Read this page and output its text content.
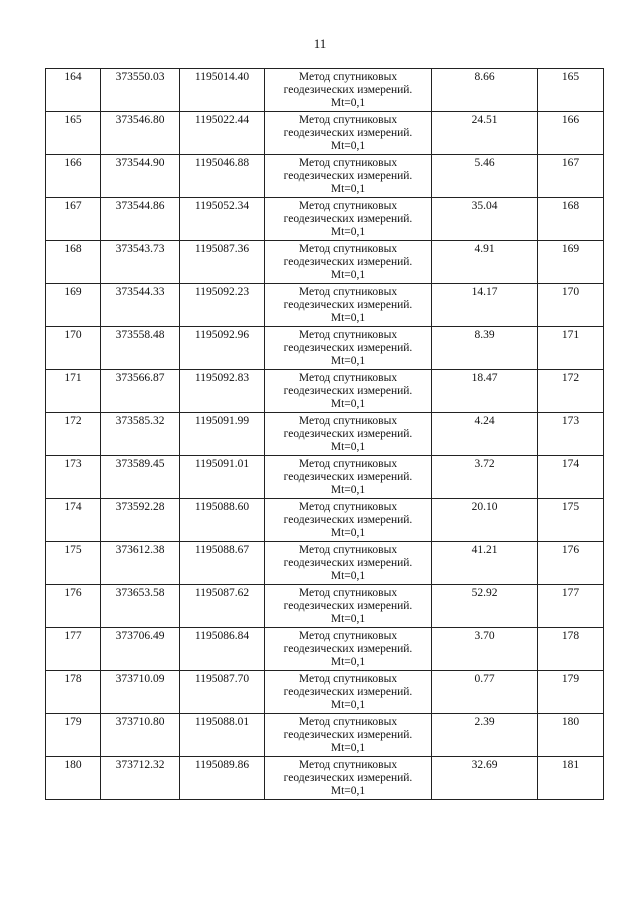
11
164	373550.03	1195014.40	Метод спутниковых
геодезических измерений.
Mt=0,1	8.66	165
165	373546.80	1195022.44	Метод спутниковых
геодезических измерений.
Mt=0,1	24.51	166
166	373544.90	1195046.88	Метод спутниковых
геодезических измерений.
Mt=0,1	5.46	167
167	373544.86	1195052.34	Метод спутниковых
геодезических измерений.
Mt=0,1	35.04	168
168	373543.73	1195087.36	Метод спутниковых
геодезических измерений.
Mt=0,1	4.91	169
169	373544.33	1195092.23	Метод спутниковых
геодезических измерений.
Mt=0,1	14.17	170
170	373558.48	1195092.96	Метод спутниковых
геодезических измерений.
Mt=0,1	8.39	171
171	373566.87	1195092.83	Метод спутниковых
геодезических измерений.
Mt=0,1	18.47	172
172	373585.32	1195091.99	Метод спутниковых
геодезических измерений.
Mt=0,1	4.24	173
173	373589.45	1195091.01	Метод спутниковых
геодезических измерений.
Mt=0,1	3.72	174
174	373592.28	1195088.60	Метод спутниковых
геодезических измерений.
Mt=0,1	20.10	175
175	373612.38	1195088.67	Метод спутниковых
геодезических измерений.
Mt=0,1	41.21	176
176	373653.58	1195087.62	Метод спутниковых
геодезических измерений.
Mt=0,1	52.92	177
177	373706.49	1195086.84	Метод спутниковых
геодезических измерений.
Mt=0,1	3.70	178
178	373710.09	1195087.70	Метод спутниковых
геодезических измерений.
Mt=0,1	0.77	179
179	373710.80	1195088.01	Метод спутниковых
геодезических измерений.
Mt=0,1	2.39	180
180	373712.32	1195089.86	Метод спутниковых
геодезических измерений.
Mt=0,1	32.69	181
